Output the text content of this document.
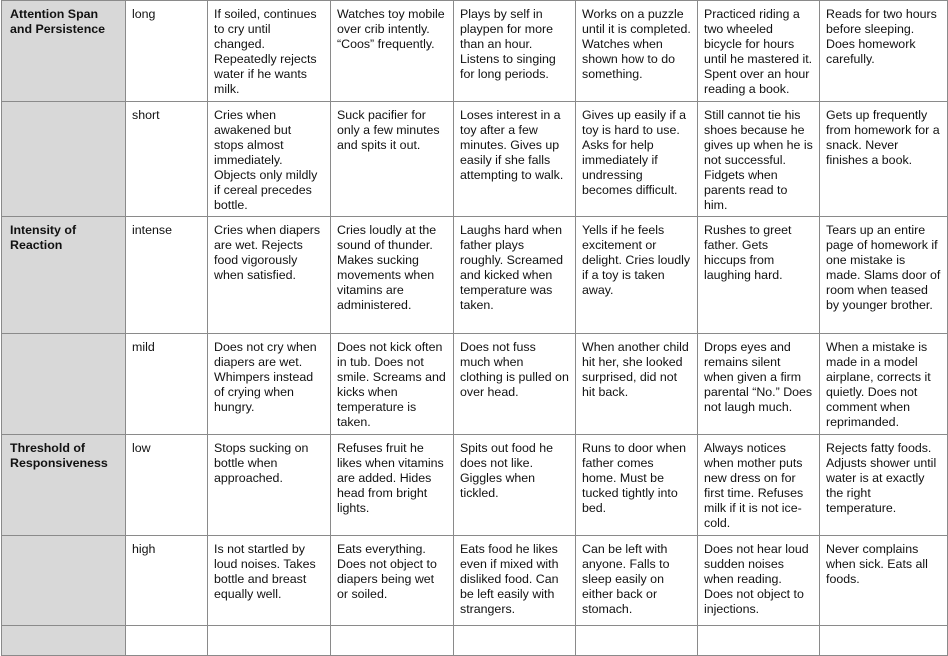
Attention Span and Persistence	long	If soiled, continues to cry until changed. Repeatedly rejects water if he wants milk.	Watches toy mobile over crib intently. “Coos” frequently.	Plays by self in playpen for more than an hour. Listens to singing for long periods.	Works on a puzzle until it is completed. Watches when shown how to do something.	Practiced riding a two wheeled bicycle for hours until he mastered it. Spent over an hour reading a book.	Reads for two hours before sleeping. Does homework carefully.
	short	Cries when awakened but stops almost immediately. Objects only mildly if cereal precedes bottle.	Suck pacifier for only a few minutes and spits it out.	Loses interest in a toy after a few minutes. Gives up easily if she falls attempting to walk.	Gives up easily if a toy is hard to use. Asks for help immediately if undressing becomes difficult.	Still cannot tie his shoes because he gives up when he is not successful. Fidgets when parents read to him.	Gets up frequently from homework for a snack. Never finishes a book.
Intensity of Reaction	intense	Cries when diapers are wet. Rejects food vigorously when satisfied.	Cries loudly at the sound of thunder. Makes sucking movements when vitamins are administered.	Laughs hard when father plays roughly. Screamed and kicked when temperature was taken.	Yells if he feels excitement or delight. Cries loudly if a toy is taken away.	Rushes to greet father. Gets hiccups from laughing hard.	Tears up an entire page of homework if one mistake is made. Slams door of room when teased by younger brother.
	mild	Does not cry when diapers are wet. Whimpers instead of crying when hungry.	Does not kick often in tub. Does not smile. Screams and kicks when temperature is taken.	Does not fuss much when clothing is pulled on over head.	When another child hit her, she looked surprised, did not hit back.	Drops eyes and remains silent when given a firm parental “No.” Does not laugh much.	When a mistake is made in a model airplane, corrects it quietly. Does not comment when reprimanded.
Threshold of Responsiveness	low	Stops sucking on bottle when approached.	Refuses fruit he likes when vitamins are added. Hides head from bright lights.	Spits out food he does not like. Giggles when tickled.	Runs to door when father comes home. Must be tucked tightly into bed.	Always notices when mother puts new dress on for first time. Refuses milk if it is not ice-cold.	Rejects fatty foods. Adjusts shower until water is at exactly the right temperature.
	high	Is not startled by loud noises. Takes bottle and breast equally well.	Eats everything. Does not object to diapers being wet or soiled.	Eats food he likes even if mixed with disliked food. Can be left easily with strangers.	Can be left with anyone. Falls to sleep easily on either back or stomach.	Does not hear loud sudden noises when reading. Does not object to injections.	Never complains when sick. Eats all foods.
